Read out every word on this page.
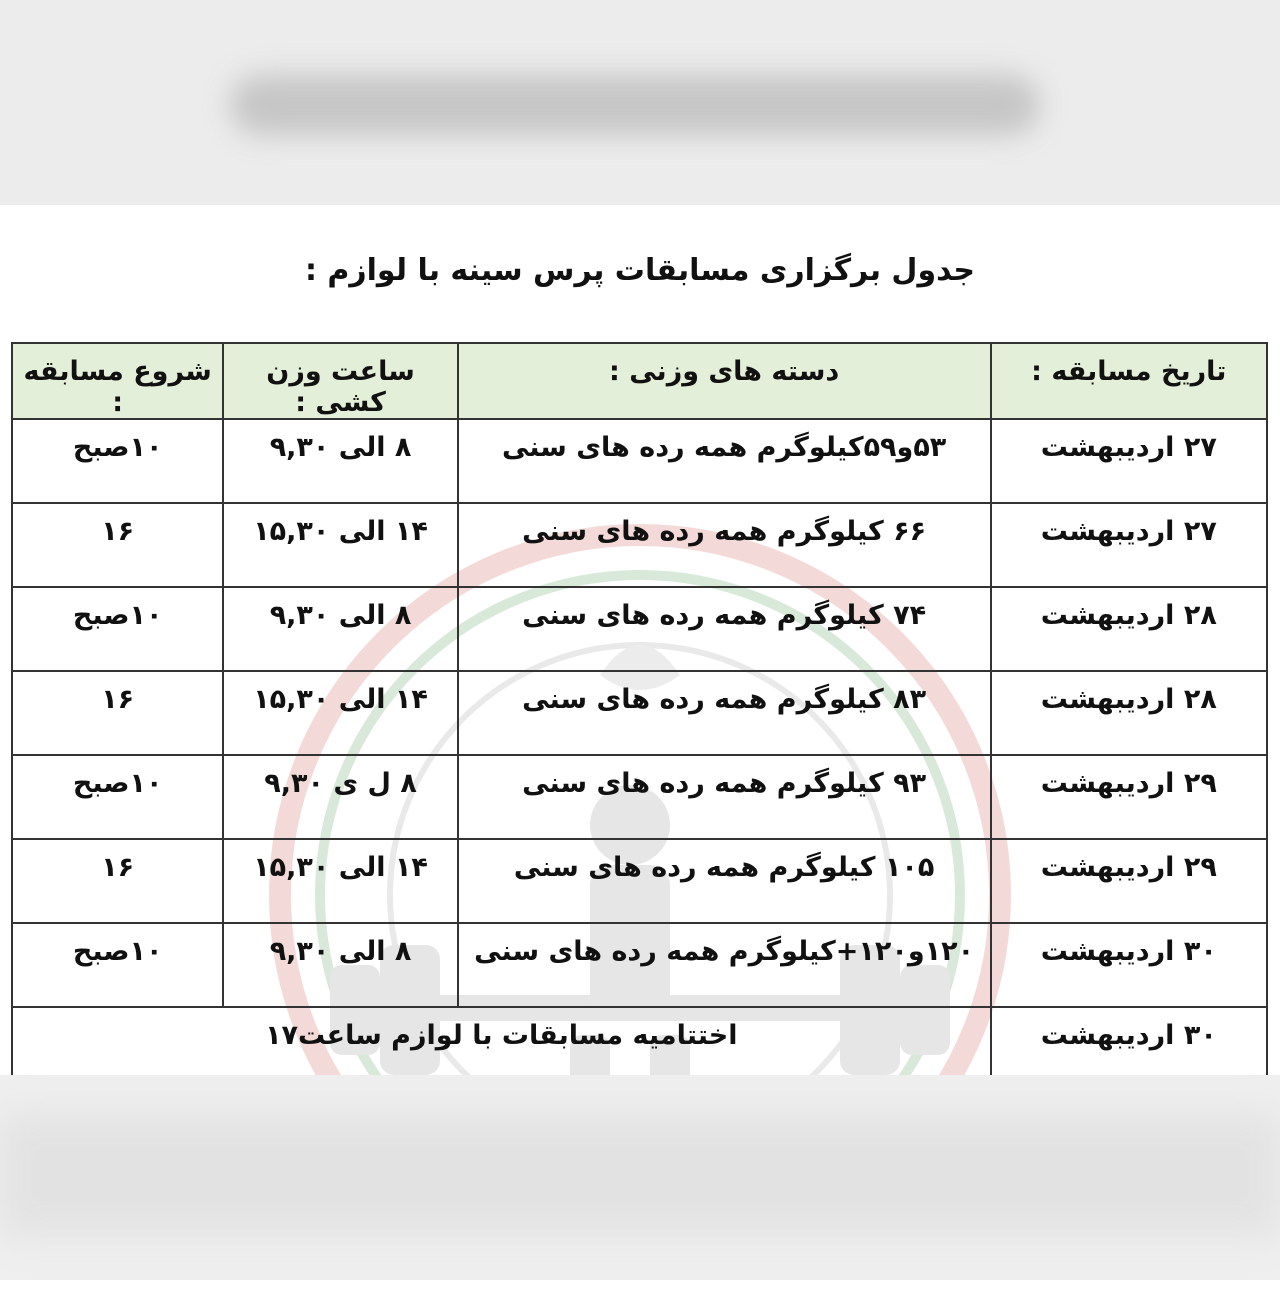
جدول برگزاری مسابقات پرس سینه با لوازم :
تاریخ مسابقه :	دسته های وزنی :	ساعت وزن کشی :	شروع مسابقه :
۲۷ اردیبهشت	۵۳و۵۹کیلوگرم همه رده های سنی	۸ الی ۹,۳۰	۱۰صبح
۲۷ اردیبهشت	۶۶ کیلوگرم همه رده های سنی	۱۴ الی ۱۵,۳۰	۱۶
۲۸ اردیبهشت	۷۴ کیلوگرم همه رده های سنی	۸ الی ۹,۳۰	۱۰صبح
۲۸ اردیبهشت	۸۳ کیلوگرم همه رده های سنی	۱۴ الی ۱۵,۳۰	۱۶
۲۹ اردیبهشت	۹۳ کیلوگرم همه رده های سنی	۸ ل ی ۹,۳۰	۱۰صبح
۲۹ اردیبهشت	۱۰۵ کیلوگرم همه رده های سنی	۱۴ الی ۱۵,۳۰	۱۶
۳۰ اردیبهشت	۱۲۰و۱۲۰+کیلوگرم همه رده های سنی	۸ الی ۹,۳۰	۱۰صبح
۳۰ اردیبهشت	اختتامیه مسابقات با لوازم ساعت۱۷		
